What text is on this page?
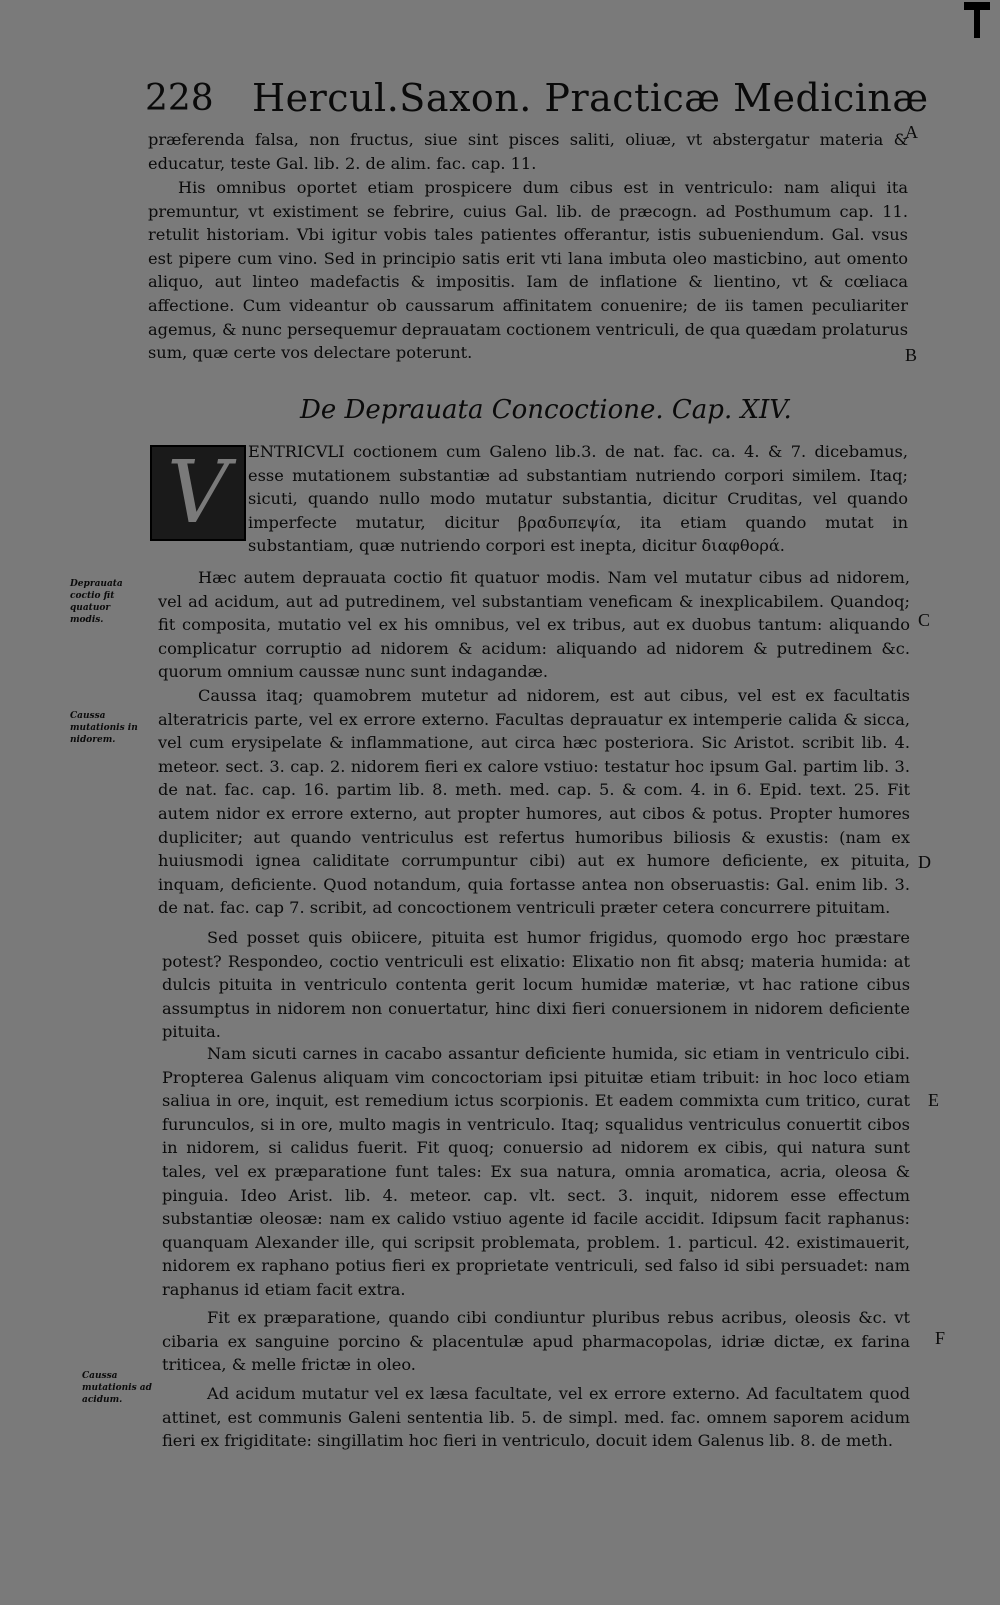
228 Hercul.Saxon. Practicæ Medicinæ
præferenda falsa, non fructus, siue sint pisces saliti, oliuæ, vt abstergatur materia & educatur, teste Gal. lib. 2. de alim. fac. cap. 11.
His omnibus oportet etiam prospicere dum cibus est in ventriculo: nam aliqui ita premuntur, vt existiment se febrire, cuius Gal. lib. de præcogn. ad Posthumum cap. 11. retulit historiam. Vbi igitur vobis tales patientes offerantur, istis subueniendum. Gal. vsus est pipere cum vino. Sed in principio satis erit vti lana imbuta oleo masticbino, aut omento aliquo, aut linteo madefactis & impositis. Iam de inflatione & lientino, vt & cœliaca affectione. Cum videantur ob caussarum affinitatem conuenire; de iis tamen peculiariter agemus, & nunc persequemur deprauatam coctionem ventriculi, de qua quædam prolaturus sum, quæ certe vos delectare poterunt.
A
B
De Deprauata Concoctione. Cap. XIV.
V	ENTRICVLI coctionem cum Galeno lib.3. de nat. fac. ca. 4. & 7. dicebamus, esse mutationem substantiæ ad substantiam nutriendo corpori similem. Itaq; sicuti, quando nullo modo mutatur substantia, dicitur Cruditas, vel quando imperfecte mutatur, dicitur βραδυπεψία, ita etiam quando mutat in substantiam, quæ nutriendo corpori est inepta, dicitur διαφθορά.
Deprauata coctio fit quatuor modis.
Caussa mutationis in nidorem.
Caussa mutationis ad acidum.
C
D
E
F
Hæc autem deprauata coctio fit quatuor modis. Nam vel mutatur cibus ad nidorem, vel ad acidum, aut ad putredinem, vel substantiam veneficam & inexplicabilem. Quandoq; fit composita, mutatio vel ex his omnibus, vel ex tribus, aut ex duobus tantum: aliquando complicatur corruptio ad nidorem & acidum: aliquando ad nidorem & putredinem &c. quorum omnium caussæ nunc sunt indagandæ.
Caussa itaq; quamobrem mutetur ad nidorem, est aut cibus, vel est ex facultatis alteratricis parte, vel ex errore externo. Facultas deprauatur ex intemperie calida & sicca, vel cum erysipelate & inflammatione, aut circa hæc posteriora. Sic Aristot. scribit lib. 4. meteor. sect. 3. cap. 2. nidorem fieri ex calore vstiuo: testatur hoc ipsum Gal. partim lib. 3. de nat. fac. cap. 16. partim lib. 8. meth. med. cap. 5. & com. 4. in 6. Epid. text. 25. Fit autem nidor ex errore externo, aut propter humores, aut cibos & potus. Propter humores dupliciter; aut quando ventriculus est refertus humoribus biliosis & exustis: (nam ex huiusmodi ignea caliditate corrumpuntur cibi) aut ex humore deficiente, ex pituita, inquam, deficiente. Quod notandum, quia fortasse antea non obseruastis: Gal. enim lib. 3. de nat. fac. cap 7. scribit, ad concoctionem ventriculi præter cetera concurrere pituitam.
Sed posset quis obiicere, pituita est humor frigidus, quomodo ergo hoc præstare potest? Respondeo, coctio ventriculi est elixatio: Elixatio non fit absq; materia humida: at dulcis pituita in ventriculo contenta gerit locum humidæ materiæ, vt hac ratione cibus assumptus in nidorem non conuertatur, hinc dixi fieri conuersionem in nidorem deficiente pituita.
Nam sicuti carnes in cacabo assantur deficiente humida, sic etiam in ventriculo cibi. Propterea Galenus aliquam vim concoctoriam ipsi pituitæ etiam tribuit: in hoc loco etiam saliua in ore, inquit, est remedium ictus scorpionis. Et eadem commixta cum tritico, curat furunculos, si in ore, multo magis in ventriculo. Itaq; squalidus ventriculus conuertit cibos in nidorem, si calidus fuerit. Fit quoq; conuersio ad nidorem ex cibis, qui natura sunt tales, vel ex præparatione funt tales: Ex sua natura, omnia aromatica, acria, oleosa & pinguia. Ideo Arist. lib. 4. meteor. cap. vlt. sect. 3. inquit, nidorem esse effectum substantiæ oleosæ: nam ex calido vstiuo agente id facile accidit. Idipsum facit raphanus: quanquam Alexander ille, qui scripsit problemata, problem. 1. particul. 42. existimauerit, nidorem ex raphano potius fieri ex proprietate ventriculi, sed falso id sibi persuadet: nam raphanus id etiam facit extra.
Fit ex præparatione, quando cibi condiuntur pluribus rebus acribus, oleosis &c. vt cibaria ex sanguine porcino & placentulæ apud pharmacopolas, idriæ dictæ, ex farina triticea, & melle frictæ in oleo.
Ad acidum mutatur vel ex læsa facultate, vel ex errore externo. Ad facultatem quod attinet, est communis Galeni sententia lib. 5. de simpl. med. fac. omnem saporem acidum fieri ex frigiditate: singillatim hoc fieri in ventriculo, docuit idem Galenus lib. 8. de meth.
